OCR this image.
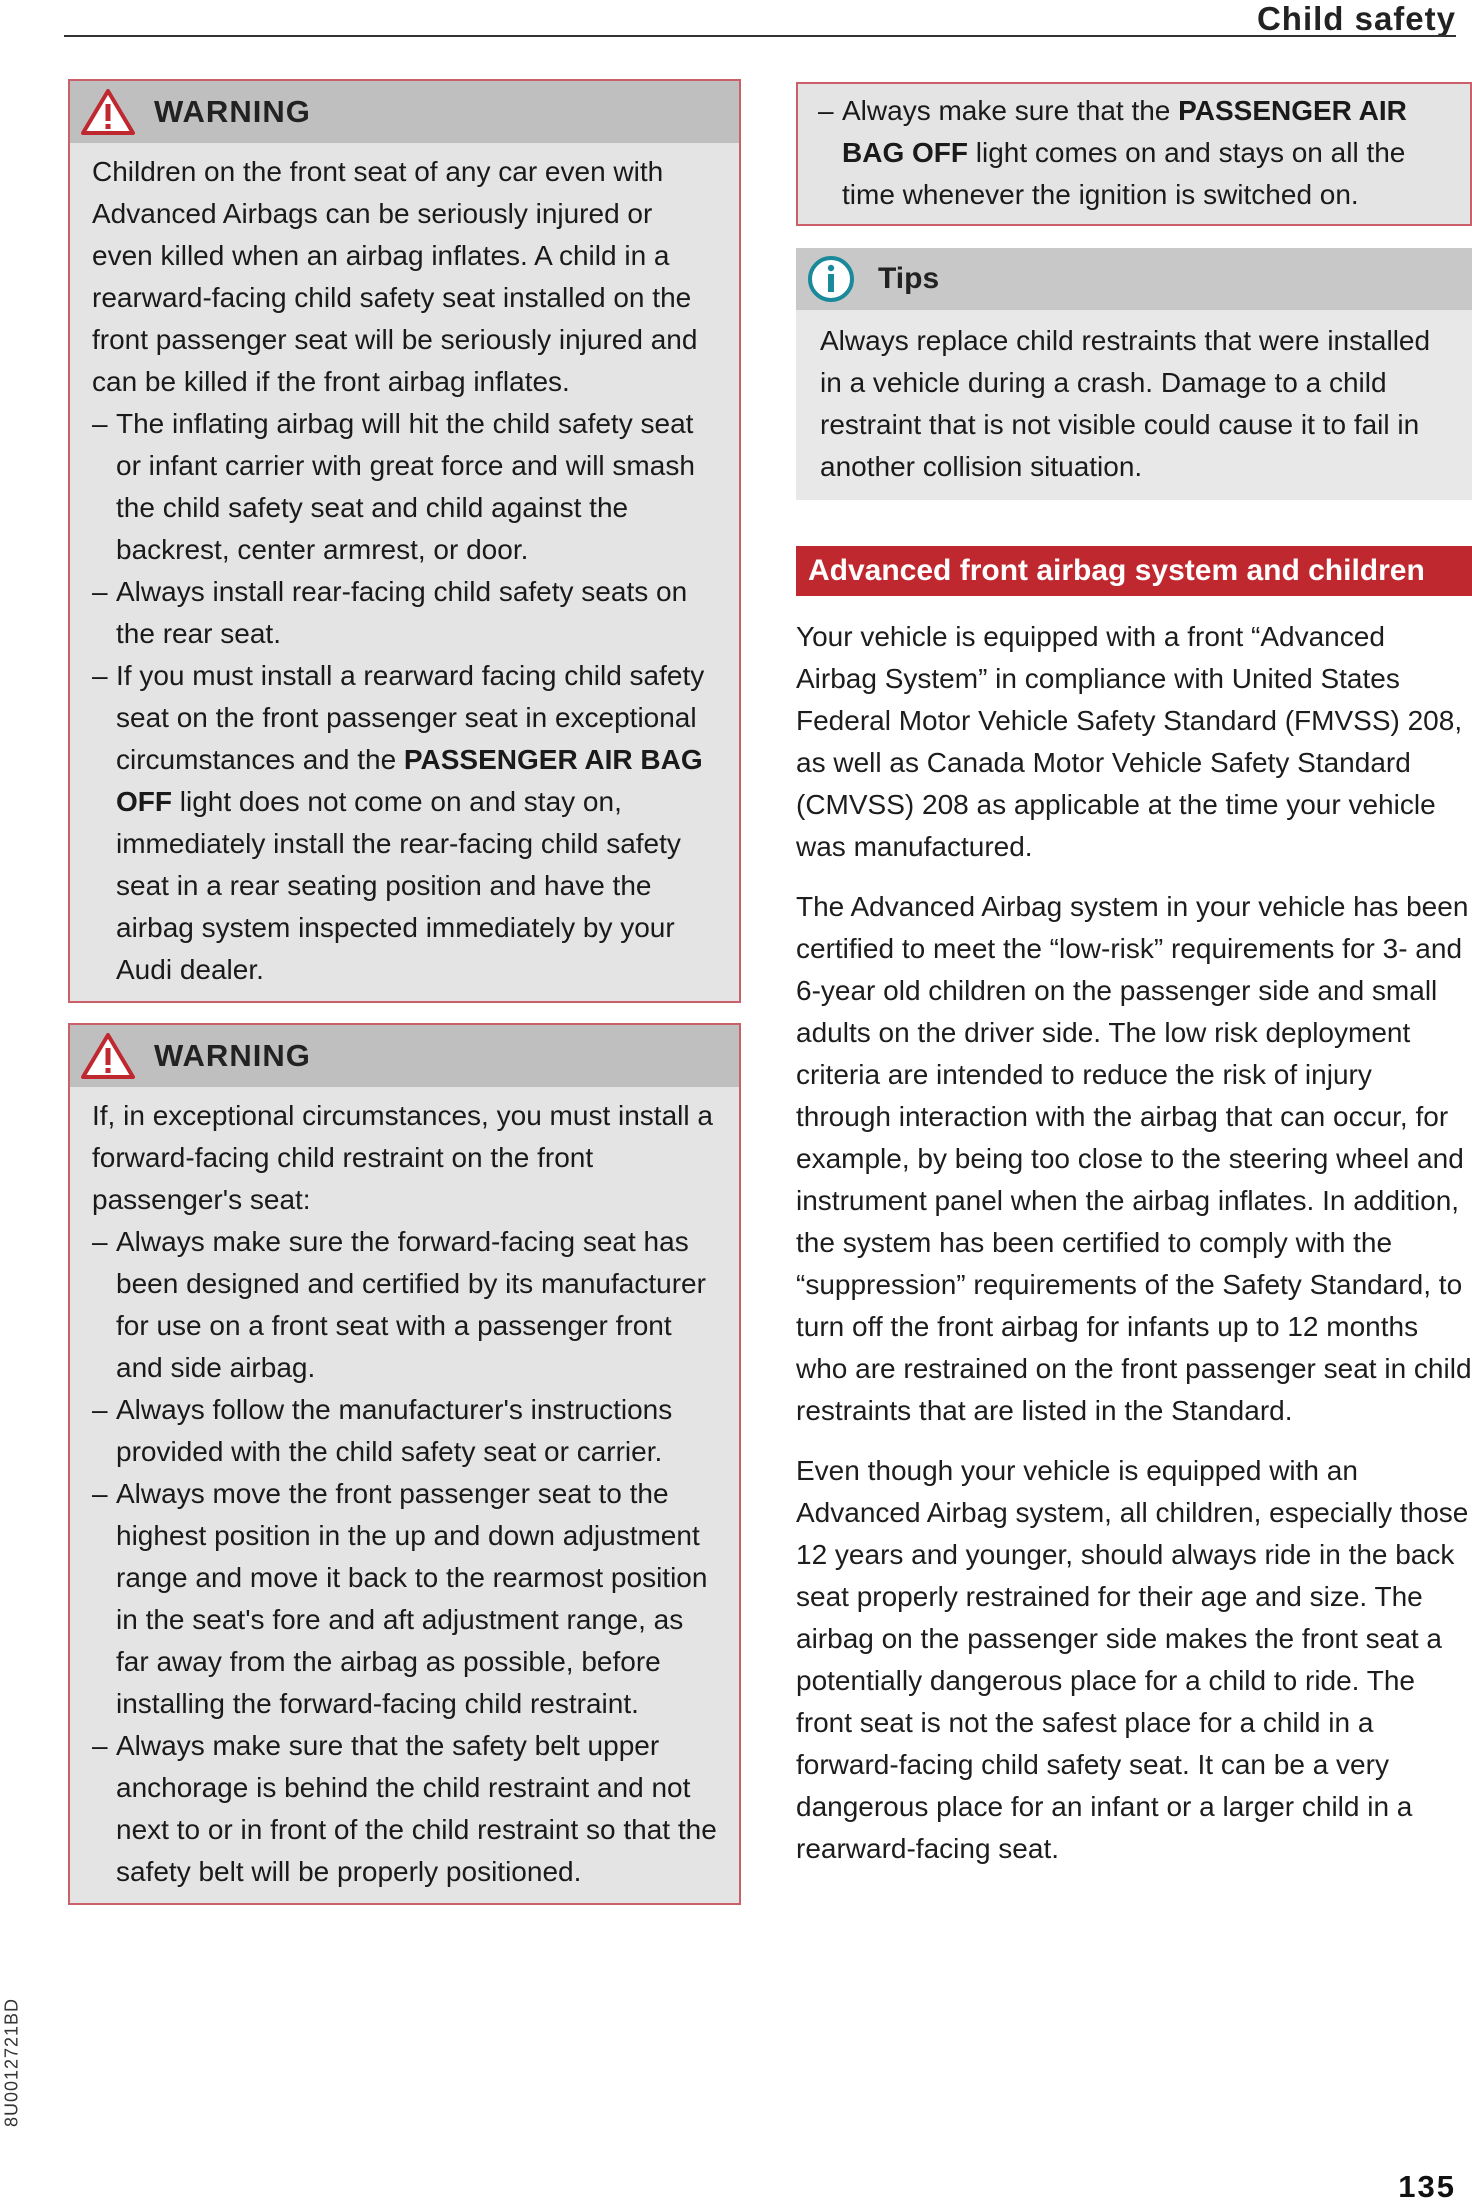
Child safety
8U0012721BD
WARNING

Children on the front seat of any car even with Advanced Airbags can be seriously injured or even killed when an airbag inflates. A child in a rearward-facing child safety seat installed on the front passenger seat will be seriously injured and can be killed if the front airbag inflates.

– The inflating airbag will hit the child safety seat or infant carrier with great force and will smash the child safety seat and child against the backrest, center armrest, or door.

– Always install rear-facing child safety seats on the rear seat.

– If you must install a rearward facing child safety seat on the front passenger seat in exceptional circumstances and the PASSENGER AIR BAG OFF light does not come on and stay on, immediately install the rear-facing child safety seat in a rear seating position and have the airbag system inspected immediately by your Audi dealer.

WARNING

If, in exceptional circumstances, you must install a forward-facing child restraint on the front passenger's seat:

– Always make sure the forward-facing seat has been designed and certified by its manufacturer for use on a front seat with a passenger front and side airbag.

– Always follow the manufacturer's instructions provided with the child safety seat or carrier.

– Always move the front passenger seat to the highest position in the up and down adjustment range and move it back to the rearmost position in the seat's fore and aft adjustment range, as far away from the airbag as possible, before installing the forward-facing child restraint.

– Always make sure that the safety belt upper anchorage is behind the child restraint and not next to or in front of the child restraint so that the safety belt will be properly positioned.

– Always make sure that the PASSENGER AIR BAG OFF light comes on and stays on all the time whenever the ignition is switched on.

Tips
Always replace child restraints that were installed in a vehicle during a crash. Damage to a child restraint that is not visible could cause it to fail in another collision situation.
Advanced front airbag system and children

Your vehicle is equipped with a front “Advanced Airbag System” in compliance with United States Federal Motor Vehicle Safety Standard (FMVSS) 208, as well as Canada Motor Vehicle Safety Standard (CMVSS) 208 as applicable at the time your vehicle was manufactured.

The Advanced Airbag system in your vehicle has been certified to meet the “low-risk” requirements for 3- and 6-year old children on the passenger side and small adults on the driver side. The low risk deployment criteria are intended to reduce the risk of injury through interaction with the airbag that can occur, for example, by being too close to the steering wheel and instrument panel when the airbag inflates. In addition, the system has been certified to comply with the “suppression” requirements of the Safety Standard, to turn off the front airbag for infants up to 12 months who are restrained on the front passenger seat in child restraints that are listed in the Standard.

Even though your vehicle is equipped with an Advanced Airbag system, all children, especially those 12 years and younger, should always ride in the back seat properly restrained for their age and size. The airbag on the passenger side makes the front seat a potentially dangerous place for a child to ride. The front seat is not the safest place for a child in a forward-facing child safety seat. It can be a very dangerous place for an infant or a larger child in a rearward-facing seat.

135
